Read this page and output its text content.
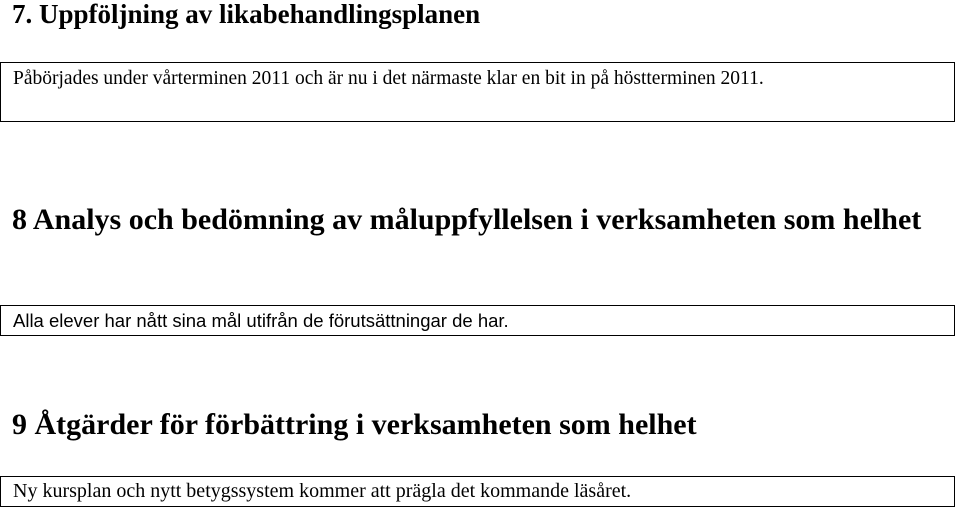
7. Uppföljning av likabehandlingsplanen
Påbörjades under vårterminen 2011 och är nu i det närmaste klar en bit in på höstterminen 2011.
8 Analys och bedömning av måluppfyllelsen i verksamheten som helhet
Alla elever har nått sina mål utifrån de förutsättningar de har.
9 Åtgärder för förbättring i verksamheten som helhet
Ny kursplan och nytt betygssystem kommer att prägla det kommande läsåret.
